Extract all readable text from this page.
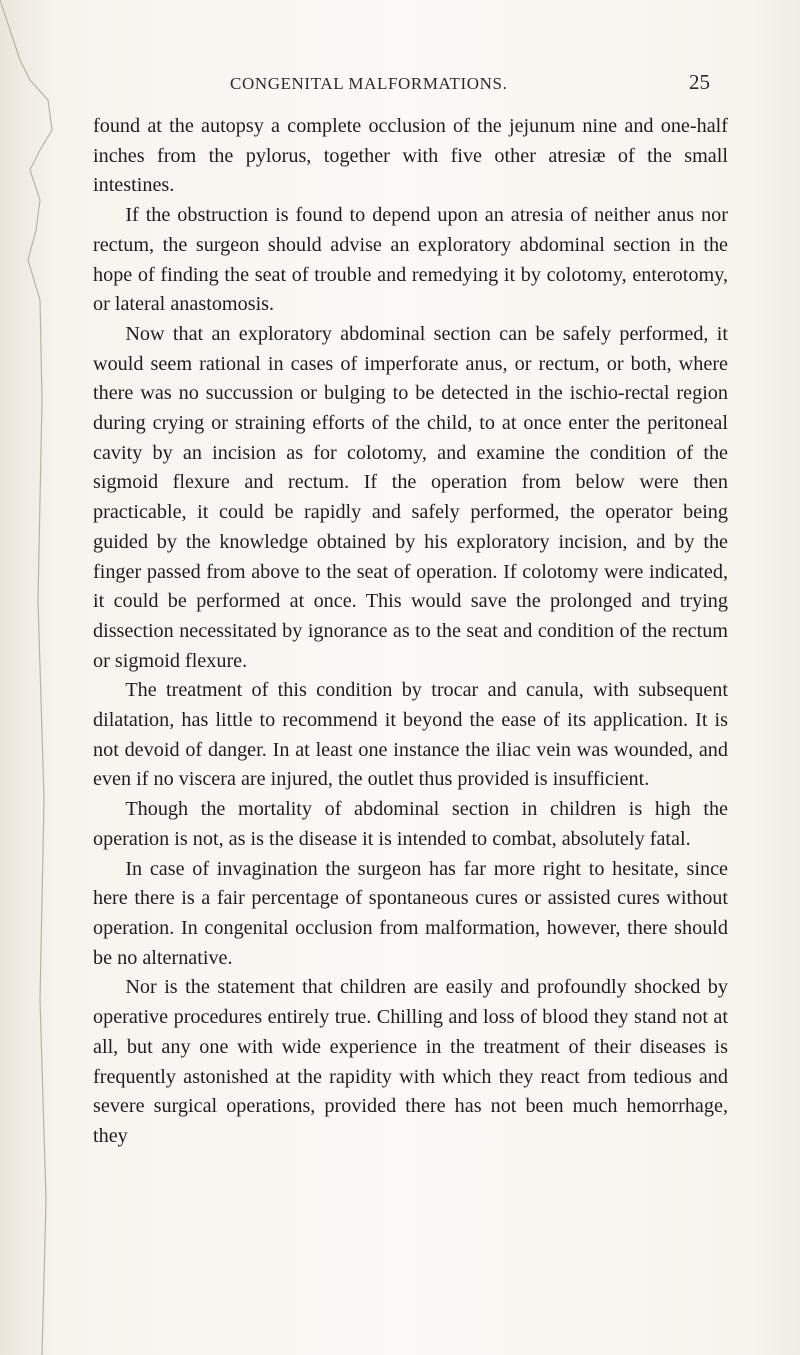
CONGENITAL MALFORMATIONS.	25

found at the autopsy a complete occlusion of the jejunum nine and one-half inches from the pylorus, together with five other atresiæ of the small intestines.

If the obstruction is found to depend upon an atresia of neither anus nor rectum, the surgeon should advise an exploratory abdominal section in the hope of finding the seat of trouble and remedying it by colotomy, enterotomy, or lateral anastomosis.

Now that an exploratory abdominal section can be safely performed, it would seem rational in cases of imperforate anus, or rectum, or both, where there was no succussion or bulging to be detected in the ischio-rectal region during crying or straining efforts of the child, to at once enter the peritoneal cavity by an incision as for colotomy, and examine the condition of the sigmoid flexure and rectum. If the operation from below were then practicable, it could be rapidly and safely performed, the operator being guided by the knowledge obtained by his exploratory incision, and by the finger passed from above to the seat of operation. If colotomy were indicated, it could be performed at once. This would save the prolonged and trying dissection necessitated by ignorance as to the seat and condition of the rectum or sigmoid flexure.

The treatment of this condition by trocar and canula, with subsequent dilatation, has little to recommend it beyond the ease of its application. It is not devoid of danger. In at least one instance the iliac vein was wounded, and even if no viscera are injured, the outlet thus provided is insufficient.

Though the mortality of abdominal section in children is high the operation is not, as is the disease it is intended to combat, absolutely fatal.

In case of invagination the surgeon has far more right to hesitate, since here there is a fair percentage of spontaneous cures or assisted cures without operation. In congenital occlusion from malformation, however, there should be no alternative.

Nor is the statement that children are easily and profoundly shocked by operative procedures entirely true. Chilling and loss of blood they stand not at all, but any one with wide experience in the treatment of their diseases is frequently astonished at the rapidity with which they react from tedious and severe surgical operations, provided there has not been much hemorrhage, they
